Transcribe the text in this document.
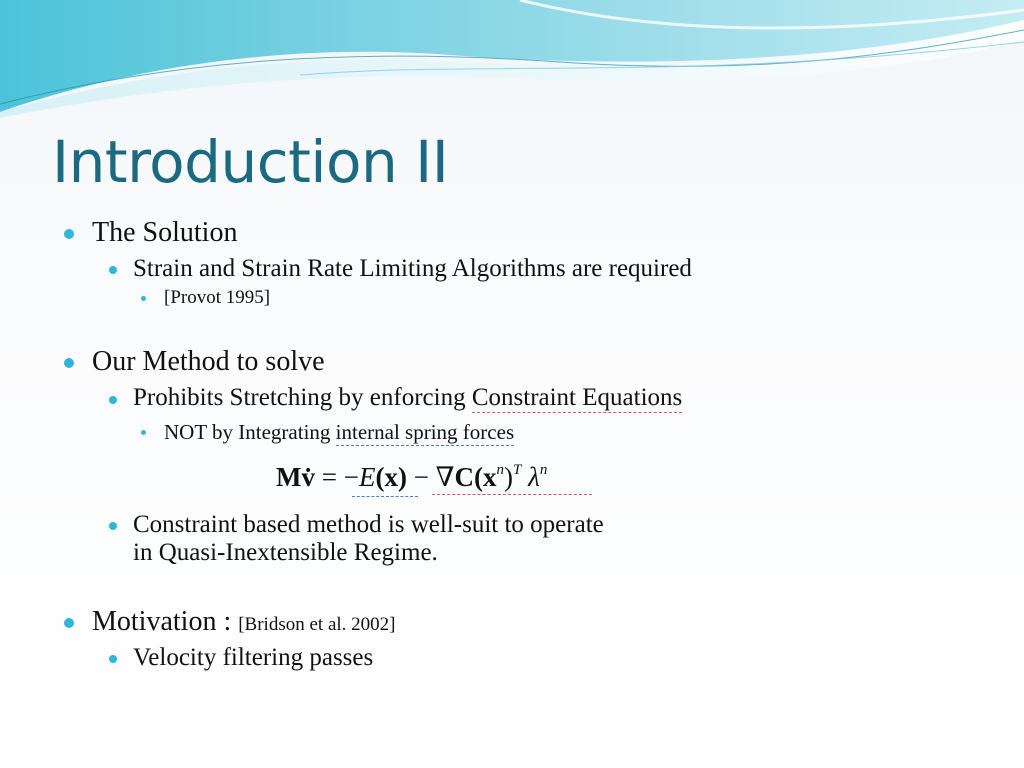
Introduction II
The Solution
Strain and Strain Rate Limiting Algorithms are required
[Provot 1995]
Our Method to solve
Prohibits Stretching by enforcing Constraint Equations
NOT by Integrating internal spring forces
Mv̇ = $-E(x) - \nabla C(x^n)^T$ $\lambda^n$
Constraint based method is well-suit to operate
in Quasi-Inextensible Regime.
Motivation : [Bridson et al. 2002]
Velocity filtering passes
